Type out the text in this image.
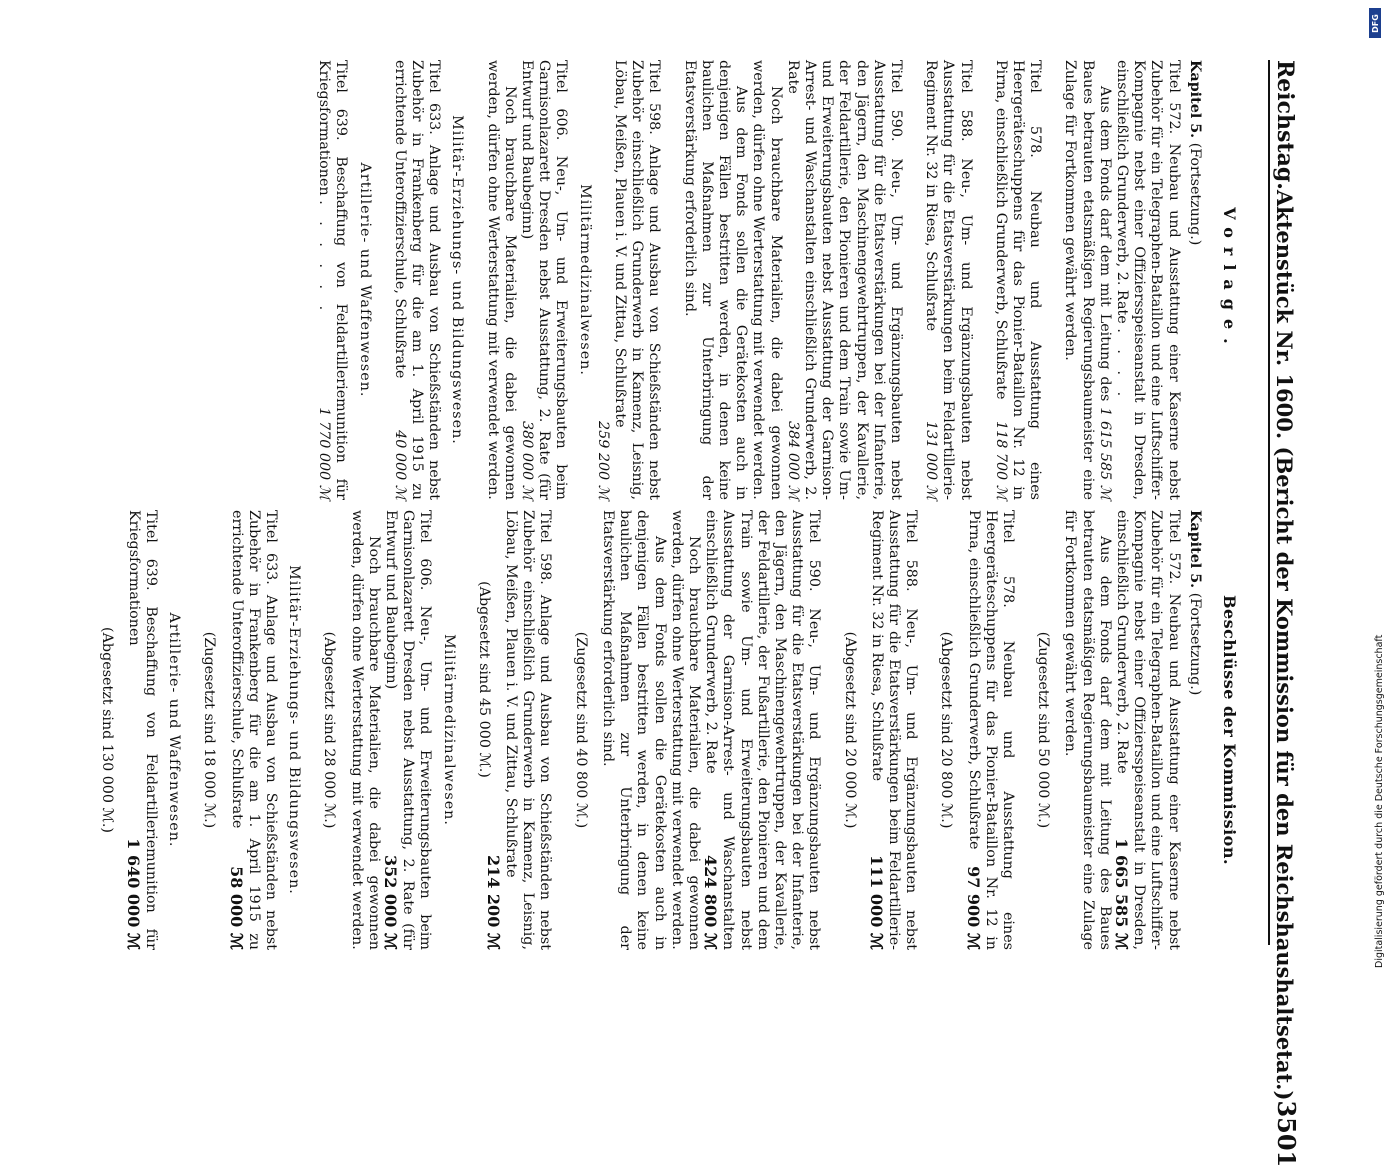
Reichstag.
Aktenstück Nr. 1600. (Bericht der Kommission für den Reichshaushaltsetat.)
3501
Vorlage.
Kapitel 5. (Fortsetzung.)
Titel 572. Neubau und Ausstattung einer Kaserne nebst Zubehör für ein Telegraphen-Bataillon und eine Luftschiffer-Kompagnie nebst einer Offiziersspeiseanstalt in Dresden, einschließlich Grunderwerb, 2. Rate . . . .
1 615 585 ℳ
Aus dem Fonds darf dem mit Leitung des Baues betrauten etatsmäßigen Regierungsbaumeister eine Zulage für Fortkommen gewährt werden.
Titel 578. Neubau und Ausstattung eines Heergeräteschuppens für das Pionier-Bataillon Nr. 12 in Pirna, einschließlich Grunderwerb, Schlußrate
118 700 ℳ
Titel 588. Neu-, Um- und Ergänzungsbauten nebst Ausstattung für die Etatsverstärkungen beim Feldartillerie-Regiment Nr. 32 in Riesa, Schlußrate
131 000 ℳ
Titel 590. Neu-, Um- und Ergänzungsbauten nebst Ausstattung für die Etatsverstärkungen bei der Infanterie, den Jägern, den Maschinengewehrtruppen, der Kavallerie, der Feldartillerie, den Pionieren und dem Train sowie Um- und Erweiterungsbauten nebst Ausstattung der Garnison-Arrest- und Waschanstalten einschließlich Grunderwerb, 2. Rate
384 000 ℳ
Noch brauchbare Materialien, die dabei gewonnen werden, dürfen ohne Werterstattung mit verwendet werden.
Aus dem Fonds sollen die Gerätekosten auch in denjenigen Fällen bestritten werden, in denen keine baulichen Maßnahmen zur Unterbringung der Etatsverstärkung erforderlich sind.
Titel 598. Anlage und Ausbau von Schießständen nebst Zubehör einschließlich Grunderwerb in Kamenz, Leisnig, Löbau, Meißen, Plauen i. V. und Zittau, Schlußrate
259 200 ℳ
Militärmedizinalwesen.
Titel 606. Neu-, Um- und Erweiterungsbauten beim Garnisonlazarett Dresden nebst Ausstattung, 2. Rate (für Entwurf und Baubeginn)
380 000 ℳ
Noch brauchbare Materialien, die dabei gewonnen werden, dürfen ohne Werterstattung mit verwendet werden.
Militär-Erziehungs- und Bildungswesen.
Titel 633. Anlage und Ausbau von Schießständen nebst Zubehör in Frankenberg für die am 1. April 1915 zu errichtende Unteroffizierschule, Schlußrate
40 000 ℳ
Artillerie- und Waffenwesen.
Titel 639. Beschaffung von Feldartilleriemunition für Kriegsformationen . . . . . .
1 770 000 ℳ
Beschlüsse der Kommission.
Kapitel 5. (Fortsetzung.)
Titel 572. Neubau und Ausstattung einer Kaserne nebst Zubehör für ein Telegraphen-Bataillon und eine Luftschiffer-Kompagnie nebst einer Offiziersspeiseanstalt in Dresden, einschließlich Grunderwerb, 2. Rate
1 665 585 ℳ
Aus dem Fonds darf dem mit Leitung des Baues betrauten etatsmäßigen Regierungsbaumeister eine Zulage für Fortkommen gewährt werden.
(Zugesetzt sind 50 000 ℳ.)
Titel 578. Neubau und Ausstattung eines Heergeräteschuppens für das Pionier-Bataillon Nr. 12 in Pirna, einschließlich Grunderwerb, Schlußrate
97 900 ℳ
(Abgesetzt sind 20 800 ℳ.)
Titel 588. Neu-, Um- und Ergänzungsbauten nebst Ausstattung für die Etatsverstärkungen beim Feldartillerie-Regiment Nr. 32 in Riesa, Schlußrate
111 000 ℳ
(Abgesetzt sind 20 000 ℳ.)
Titel 590. Neu-, Um- und Ergänzungsbauten nebst Ausstattung für die Etatsverstärkungen bei der Infanterie, den Jägern, den Maschinengewehrtruppen, der Kavallerie, der Feldartillerie, der Fußartillerie, den Pionieren und dem Train sowie Um- und Erweiterungsbauten nebst Ausstattung der Garnison-Arrest- und Waschanstalten einschließlich Grunderwerb, 2. Rate
424 800 ℳ
Noch brauchbare Materialien, die dabei gewonnen werden, dürfen ohne Werterstattung mit verwendet werden.
Aus dem Fonds sollen die Gerätekosten auch in denjenigen Fällen bestritten werden, in denen keine baulichen Maßnahmen zur Unterbringung der Etatsverstärkung erforderlich sind.
(Zugesetzt sind 40 800 ℳ.)
Titel 598. Anlage und Ausbau von Schießständen nebst Zubehör einschließlich Grunderwerb in Kamenz, Leisnig, Löbau, Meißen, Plauen i. V. und Zittau, Schlußrate
214 200 ℳ
(Abgesetzt sind 45 000 ℳ.)
Militärmedizinalwesen.
Titel 606. Neu-, Um- und Erweiterungsbauten beim Garnisonlazarett Dresden nebst Ausstattung, 2. Rate (für Entwurf und Baubeginn)
352 000 ℳ
Noch brauchbare Materialien, die dabei gewonnen werden, dürfen ohne Werterstattung mit verwendet werden.
(Abgesetzt sind 28 000 ℳ.)
Militär-Erziehungs- und Bildungswesen.
Titel 633. Anlage und Ausbau von Schießständen nebst Zubehör in Frankenberg für die am 1. April 1915 zu errichtende Unteroffizierschule, Schlußrate
58 000 ℳ
(Zugesetzt sind 18 000 ℳ.)
Artillerie- und Waffenwesen.
Titel 639. Beschaffung von Feldartilleriemunition für Kriegsformationen
1 640 000 ℳ
(Abgesetzt sind 130 000 ℳ.)
DFG
Digitalisierung gefördert durch die Deutsche Forschungsgemeinschaft
